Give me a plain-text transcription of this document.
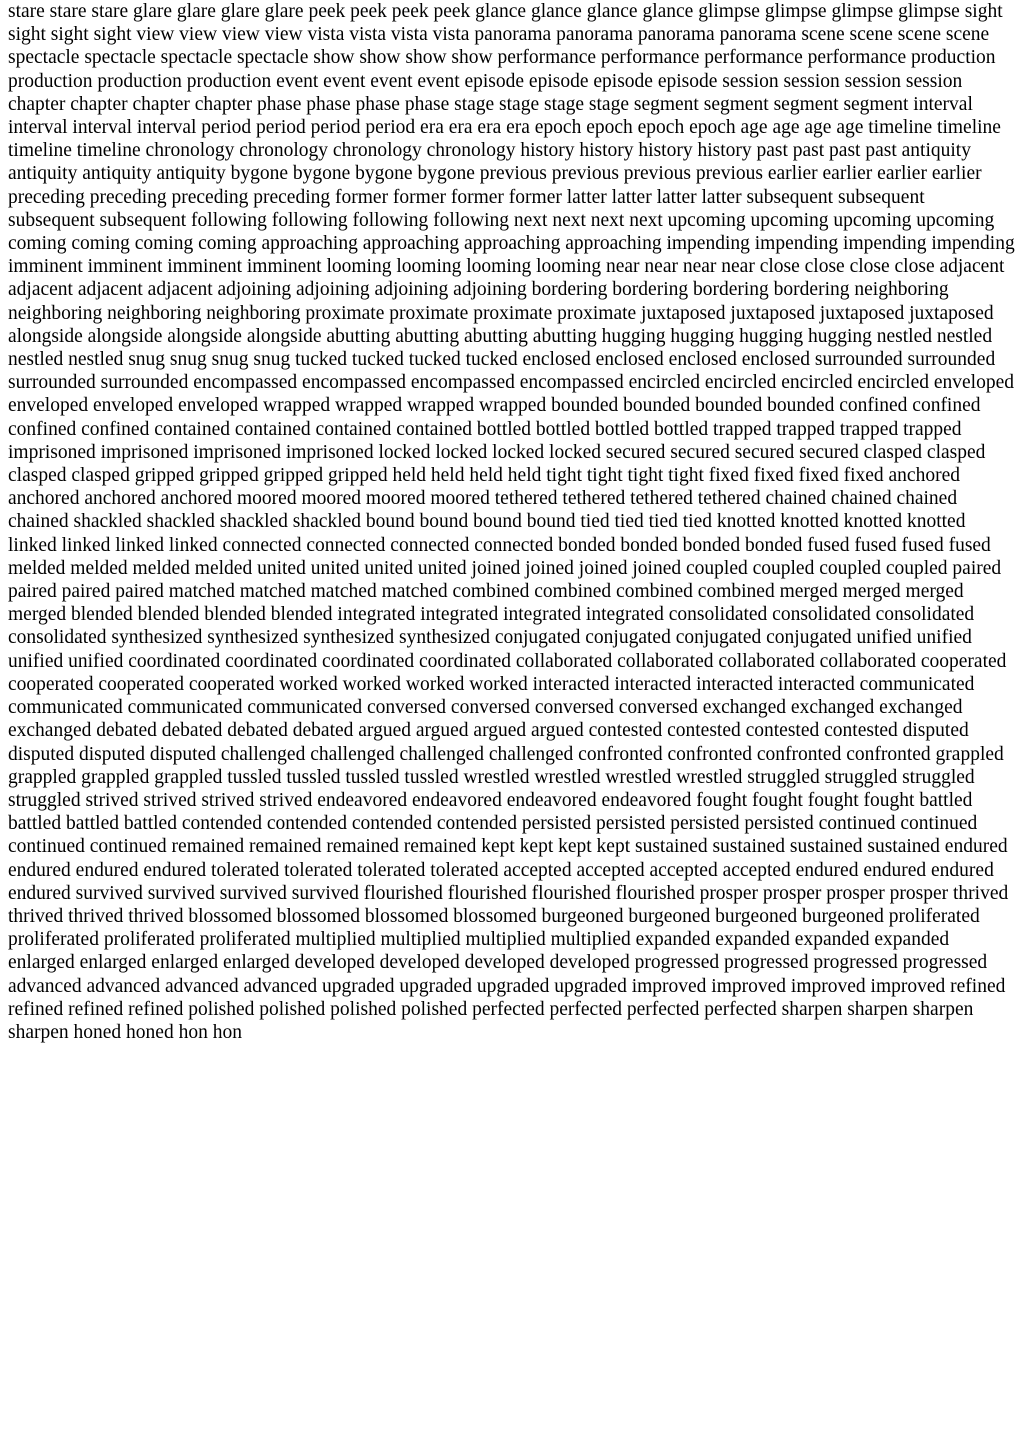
stare stare stare glare glare glare glare peek peek peek peek glance glance glance glance glimpse glimpse glimpse glimpse sight sight sight sight view view view view vista vista vista vista panorama panorama panorama panorama scene scene scene scene spectacle spectacle spectacle spectacle show show show show performance performance performance performance production production production production event event event event episode episode episode episode session session session session chapter chapter chapter chapter phase phase phase phase stage stage stage stage segment segment segment segment interval interval interval interval period period period period era era era era epoch epoch epoch epoch age age age age timeline timeline timeline timeline chronology chronology chronology chronology history history history history past past past past antiquity antiquity antiquity antiquity bygone bygone bygone bygone previous previous previous previous earlier earlier earlier earlier preceding preceding preceding preceding former former former former latter latter latter latter subsequent subsequent subsequent subsequent following following following following next next next next upcoming upcoming upcoming upcoming coming coming coming coming approaching approaching approaching approaching impending impending impending impending imminent imminent imminent imminent looming looming looming looming near near near near close close close close adjacent adjacent adjacent adjacent adjoining adjoining adjoining adjoining bordering bordering bordering bordering neighboring neighboring neighboring neighboring proximate proximate proximate proximate juxtaposed juxtaposed juxtaposed juxtaposed alongside alongside alongside alongside abutting abutting abutting abutting hugging hugging hugging hugging nestled nestled nestled nestled snug snug snug snug tucked tucked tucked tucked enclosed enclosed enclosed enclosed surrounded surrounded surrounded surrounded encompassed encompassed encompassed encompassed encircled encircled encircled encircled enveloped enveloped enveloped enveloped wrapped wrapped wrapped wrapped bounded bounded bounded bounded confined confined confined confined contained contained contained contained bottled bottled bottled bottled trapped trapped trapped trapped imprisoned imprisoned imprisoned imprisoned locked locked locked locked secured secured secured secured clasped clasped clasped clasped gripped gripped gripped gripped held held held held tight tight tight tight fixed fixed fixed fixed anchored anchored anchored anchored moored moored moored moored tethered tethered tethered tethered chained chained chained chained shackled shackled shackled shackled bound bound bound bound tied tied tied tied knotted knotted knotted knotted linked linked linked linked connected connected connected connected bonded bonded bonded bonded fused fused fused fused melded melded melded melded united united united united joined joined joined joined coupled coupled coupled coupled paired paired paired paired matched matched matched matched combined combined combined combined merged merged merged merged blended blended blended blended integrated integrated integrated integrated consolidated consolidated consolidated consolidated synthesized synthesized synthesized synthesized conjugated conjugated conjugated conjugated unified unified unified unified coordinated coordinated coordinated coordinated collaborated collaborated collaborated collaborated cooperated cooperated cooperated cooperated worked worked worked worked interacted interacted interacted interacted communicated communicated communicated communicated conversed conversed conversed conversed exchanged exchanged exchanged exchanged debated debated debated debated argued argued argued argued contested contested contested contested disputed disputed disputed disputed challenged challenged challenged challenged confronted confronted confronted confronted grappled grappled grappled grappled tussled tussled tussled tussled wrestled wrestled wrestled wrestled struggled struggled struggled struggled strived strived strived strived endeavored endeavored endeavored endeavored fought fought fought fought battled battled battled battled contended contended contended contended persisted persisted persisted persisted continued continued continued continued remained remained remained remained kept kept kept kept sustained sustained sustained sustained endured endured endured endured tolerated tolerated tolerated tolerated accepted accepted accepted accepted endured endured endured endured survived survived survived survived flourished flourished flourished flourished prosper prosper prosper prosper thrived thrived thrived thrived blossomed blossomed blossomed blossomed burgeoned burgeoned burgeoned burgeoned proliferated proliferated proliferated proliferated multiplied multiplied multiplied multiplied expanded expanded expanded expanded enlarged enlarged enlarged enlarged developed developed developed developed progressed progressed progressed progressed advanced advanced advanced advanced upgraded upgraded upgraded upgraded improved improved improved improved refined refined refined refined polished polished polished polished perfected perfected perfected perfected sharpen sharpen sharpen sharpen honed honed hon hon
